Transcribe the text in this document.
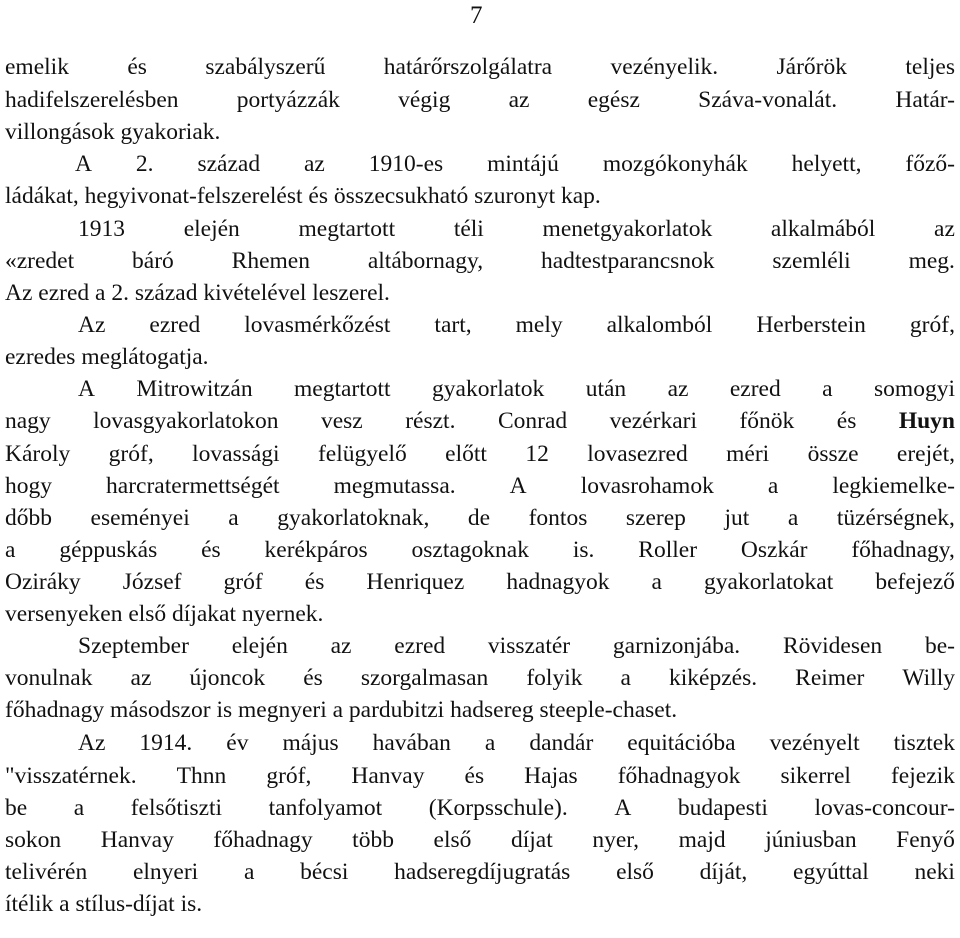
7
emelik és szabályszerű határőrszolgálatra vezényelik. Járőrök teljes
hadifelszerelésben portyázzák végig az egész Száva-vonalát. Határ-
villongások gyakoriak.
A 2. század az 1910-es mintájú mozgókonyhák helyett, főző-
ládákat, hegyivonat-felszerelést és összecsukható szuronyt kap.
1913 elején megtartott téli menetgyakorlatok alkalmából az
«zredet báró Rhemen altábornagy, hadtestparancsnok szemléli meg.
Az ezred a 2. század kivételével leszerel.
Az ezred lovasmérkőzést tart, mely alkalomból Herberstein gróf,
ezredes meglátogatja.
A Mitrowitzán megtartott gyakorlatok után az ezred a somogyi
nagy lovasgyakorlatokon vesz részt. Conrad vezérkari főnök és Huyn
Károly gróf, lovassági felügyelő előtt 12 lovasezred méri össze erejét,
hogy harcratermettségét megmutassa. A lovasrohamok a legkiemelke-
dőbb eseményei a gyakorlatoknak, de fontos szerep jut a tüzérségnek,
a géppuskás és kerékpáros osztagoknak is. Roller Oszkár főhadnagy,
Oziráky József gróf és Henriquez hadnagyok a gyakorlatokat befejező
versenyeken első díjakat nyernek.
Szeptember elején az ezred visszatér garnizonjába. Rövidesen be-
vonulnak az újoncok és szorgalmasan folyik a kiképzés. Reimer Willy
főhadnagy másodszor is megnyeri a pardubitzi hadsereg steeple-chaset.
Az 1914. év május havában a dandár equitációba vezényelt tisztek
"visszatérnek. Thnn gróf, Hanvay és Hajas főhadnagyok sikerrel fejezik
be a felsőtiszti tanfolyamot (Korpsschule). A budapesti lovas-concour-
sokon Hanvay főhadnagy több első díjat nyer, majd júniusban Fenyő
telivérén elnyeri a bécsi hadseregdíjugratás első díját, egyúttal neki
ítélik a stílus-díjat is.
